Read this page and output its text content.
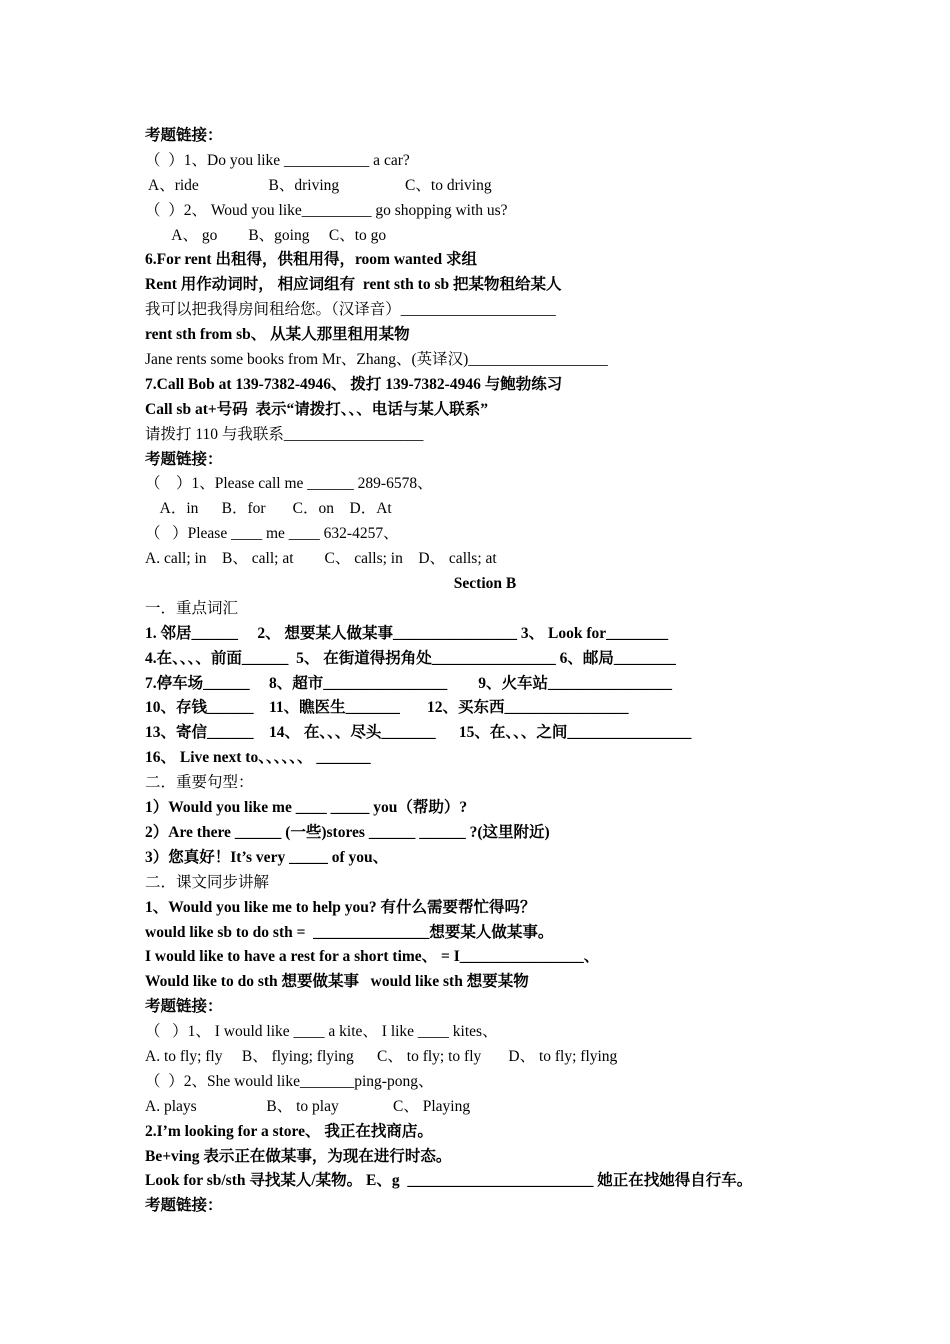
考题链接：
（  ）1、Do you like ___________ a car?
A、ride                  B、driving                 C、to driving
（  ）2、 Woud you like_________ go shopping with us?
A、 go        B、going     C、to go
6.For rent 出租得，供租用得，room wanted 求组
Rent 用作动词时， 相应词组有  rent sth to sb 把某物租给某人
我可以把我得房间租给您。（汉译音）____________________
rent sth from sb、 从某人那里租用某物
Jane rents some books from Mr、Zhang、(英译汉)__________________
7.Call Bob at 139-7382-4946、 拨打 139-7382-4946 与鲍勃练习
Call sb at+号码  表示“请拨打、、、电话与某人联系”
请拨打 110 与我联系__________________
考题链接：
（    ）1、Please call me ______ 289-6578、
A．in      B．for       C．on    D．At
（   ）Please ____ me ____ 632-4257、
A. call; in    B、 call; at        C、 calls; in    D、 calls; at
Section B
一．重点词汇
1. 邻居______     2、 想要某人做某事________________ 3、 Look for________
4.在、、、、前面______  5、 在街道得拐角处________________ 6、邮局________
7.停车场______     8、超市________________        9、火车站________________
10、存钱______    11、瞧医生_______       12、买东西________________
13、寄信______    14、 在、、、尽头_______      15、在、、、之间________________
16、 Live next to、、、、、、 _______
二．重要句型：
1）Would you like me ____ _____ you（帮助）?
2）Are there ______ (一些)stores ______ ______ ?(这里附近)
3）您真好！It’s very _____ of you、
二．课文同步讲解
1、Would you like me to help you? 有什么需要帮忙得吗？
would like sb to do sth =  _______________想要某人做某事。
I would like to have a rest for a short time、 = I________________、
Would like to do sth 想要做某事   would like sth 想要某物
考题链接：
（   ）1、 I would like ____ a kite、 I like ____ kites、
A. to fly; fly     B、 flying; flying      C、 to fly; to fly       D、 to fly; flying
（  ）2、She would like_______ping-pong、
A. plays                  B、 to play              C、 Playing
2.I’m looking for a store、 我正在找商店。
Be+ving 表示正在做某事，为现在进行时态。
Look for sb/sth 寻找某人/某物。 E、g  ________________________ 她正在找她得自行车。
考题链接：
